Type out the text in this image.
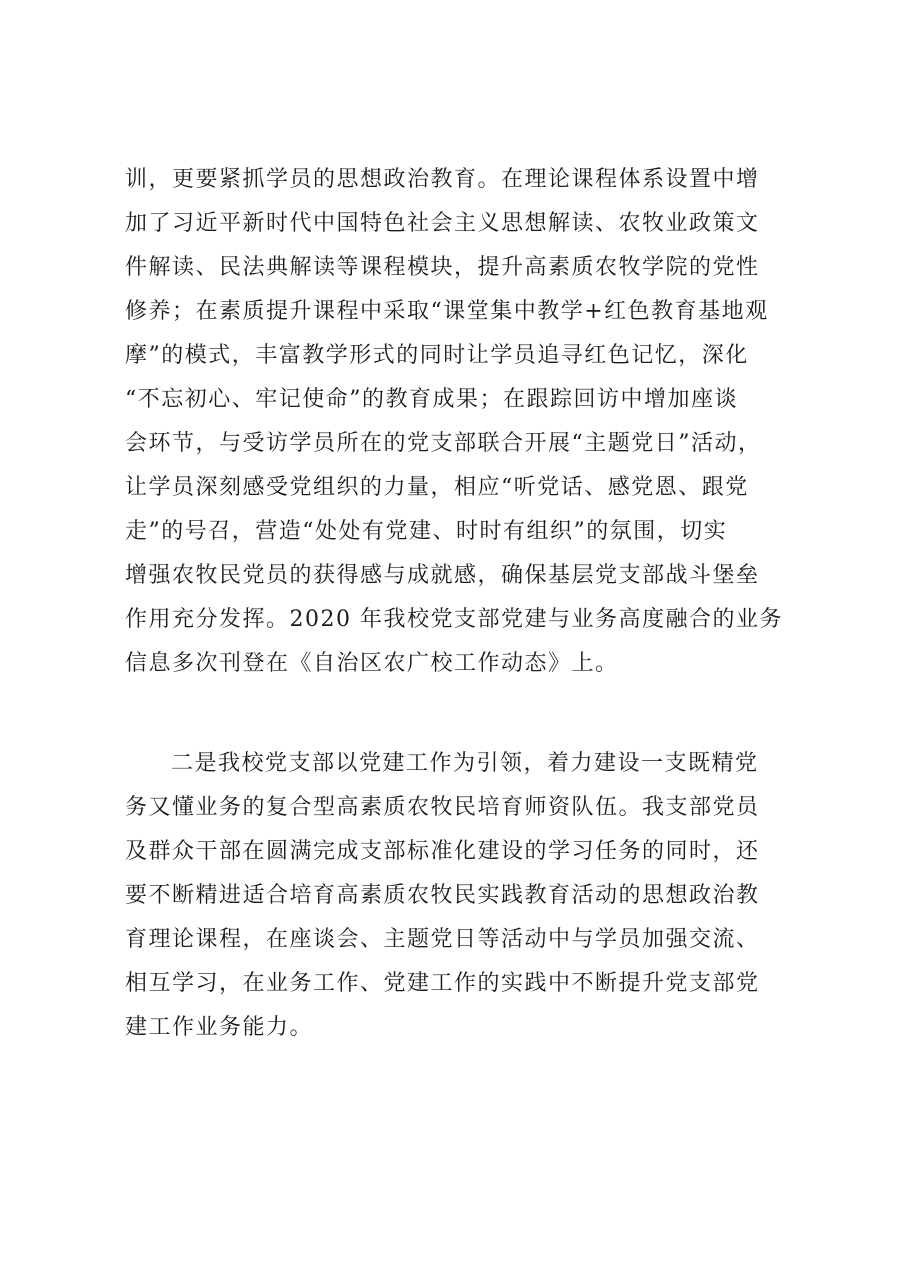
训，更要紧抓学员的思想政治教育。在理论课程体系设置中增
加了习近平新时代中国特色社会主义思想解读、农牧业政策文
件解读、民法典解读等课程模块，提升高素质农牧学院的党性
修养；在素质提升课程中采取“课堂集中教学+红色教育基地观
摩”的模式，丰富教学形式的同时让学员追寻红色记忆，深化
“不忘初心、牢记使命”的教育成果；在跟踪回访中增加座谈
会环节，与受访学员所在的党支部联合开展“主题党日”活动，
让学员深刻感受党组织的力量，相应“听党话、感党恩、跟党
走”的号召，营造“处处有党建、时时有组织”的氛围，切实
增强农牧民党员的获得感与成就感，确保基层党支部战斗堡垒
作用充分发挥。2020 年我校党支部党建与业务高度融合的业务
信息多次刊登在《自治区农广校工作动态》上。
二是我校党支部以党建工作为引领，着力建设一支既精党
务又懂业务的复合型高素质农牧民培育师资队伍。我支部党员
及群众干部在圆满完成支部标准化建设的学习任务的同时，还
要不断精进适合培育高素质农牧民实践教育活动的思想政治教
育理论课程，在座谈会、主题党日等活动中与学员加强交流、
相互学习，在业务工作、党建工作的实践中不断提升党支部党
建工作业务能力。
